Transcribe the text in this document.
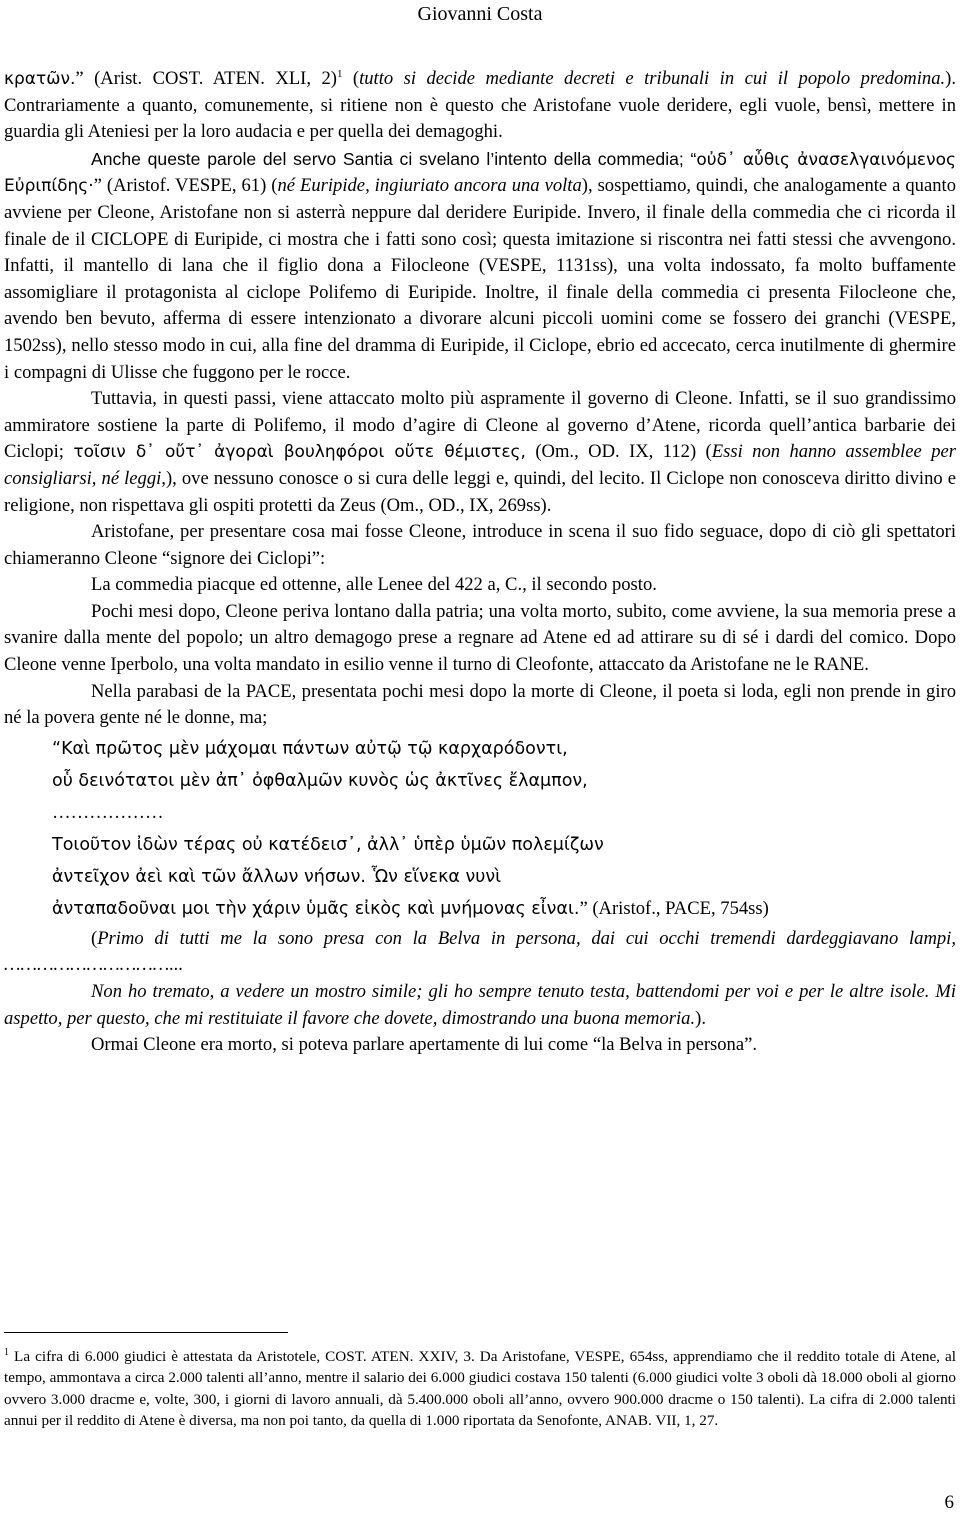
Giovanni Costa

κρατῶν.” (Arist. COST. ATEN. XLI, 2)$^1$ (tutto si decide mediante decreti e tribunali in cui il popolo predomina.). Contrariamente a quanto, comunemente, si ritiene non è questo che Aristofane vuole deridere, egli vuole, bensì, mettere in guardia gli Ateniesi per la loro audacia e per quella dei demagoghi.

Anche queste parole del servo Santia ci svelano l’intento della commedia; “οὐδ᾽ αὖθις ἀνασελγαινόμενος Εὐριπίδης·” (Aristof. VESPE, 61) (né Euripide, ingiuriato ancora una volta), sospettiamo, quindi, che analogamente a quanto avviene per Cleone, Aristofane non si asterrà neppure dal deridere Euripide. Invero, il finale della commedia che ci ricorda il finale de il CICLOPE di Euripide, ci mostra che i fatti sono così; questa imitazione si riscontra nei fatti stessi che avvengono. Infatti, il mantello di lana che il figlio dona a Filocleone (VESPE, 1131ss), una volta indossato, fa molto buffamente assomigliare il protagonista al ciclope Polifemo di Euripide. Inoltre, il finale della commedia ci presenta Filocleone che, avendo ben bevuto, afferma di essere intenzionato a divorare alcuni piccoli uomini come se fossero dei granchi (VESPE, 1502ss), nello stesso modo in cui, alla fine del dramma di Euripide, il Ciclope, ebrio ed accecato, cerca inutilmente di ghermire i compagni di Ulisse che fuggono per le rocce.

Tuttavia, in questi passi, viene attaccato molto più aspramente il governo di Cleone. Infatti, se il suo grandissimo ammiratore sostiene la parte di Polifemo, il modo d’agire di Cleone al governo d’Atene, ricorda quell’antica barbarie dei Ciclopi; τοῖσιν δ᾽ οὔτ᾽ ἀγοραὶ βουληφόροι οὔτε θέμιστες, (Om., OD. IX, 112) (Essi non hanno assemblee per consigliarsi, né leggi,), ove nessuno conosce o si cura delle leggi e, quindi, del lecito. Il Ciclope non conosceva diritto divino e religione, non rispettava gli ospiti protetti da Zeus (Om., OD., IX, 269ss).

Aristofane, per presentare cosa mai fosse Cleone, introduce in scena il suo fido seguace, dopo di ciò gli spettatori chiameranno Cleone “signore dei Ciclopi”:

La commedia piacque ed ottenne, alle Lenee del 422 a, C., il secondo posto.

Pochi mesi dopo, Cleone periva lontano dalla patria; una volta morto, subito, come avviene, la sua memoria prese a svanire dalla mente del popolo; un altro demagogo prese a regnare ad Atene ed ad attirare su di sé i dardi del comico. Dopo Cleone venne Iperbolo, una volta mandato in esilio venne il turno di Cleofonte, attaccato da Aristofane ne le RANE.

Nella parabasi de la PACE, presentata pochi mesi dopo la morte di Cleone, il poeta si loda, egli non prende in giro né la povera gente né le donne, ma;

“Καὶ πρῶτος μὲν μάχομαι πάντων αὐτῷ τῷ καρχαρόδοντι,
οὗ δεινότατοι μὲν ἀπ᾽ ὀφθαλμῶν κυνὸς ὡς ἀκτῖνες ἔλαμπον,
………………
Τοιοῦτον ἰδὼν τέρας οὐ κατέδεισ᾽, ἀλλ᾽ ὑπὲρ ὑμῶν πολεμίζων
ἀντεῖχον ἀεὶ καὶ τῶν ἄλλων νήσων. Ὧν εἵνεκα νυνὶ
ἀνταπαδοῦναι μοι τὴν χάριν ὑμᾶς εἰκὸς καὶ μνήμονας εἶναι.” (Aristof., PACE, 754ss)

(Primo di tutti me la sono presa con la Belva in persona, dai cui occhi tremendi dardeggiavano lampi, …………………………...

Non ho tremato, a vedere un mostro simile; gli ho sempre tenuto testa, battendomi per voi e per le altre isole. Mi aspetto, per questo, che mi restituiate il favore che dovete, dimostrando una buona memoria.).

Ormai Cleone era morto, si poteva parlare apertamente di lui come “la Belva in persona”.

$^1$ La cifra di 6.000 giudici è attestata da Aristotele, COST. ATEN. XXIV, 3. Da Aristofane, VESPE, 654ss, apprendiamo che il reddito totale di Atene, al tempo, ammontava a circa 2.000 talenti all’anno, mentre il salario dei 6.000 giudici costava 150 talenti (6.000 giudici volte 3 oboli dà 18.000 oboli al giorno ovvero 3.000 dracme e, volte, 300, i giorni di lavoro annuali, dà 5.400.000 oboli all’anno, ovvero 900.000 dracme o 150 talenti). La cifra di 2.000 talenti annui per il reddito di Atene è diversa, ma non poi tanto, da quella di 1.000 riportata da Senofonte, ANAB. VII, 1, 27.
6
